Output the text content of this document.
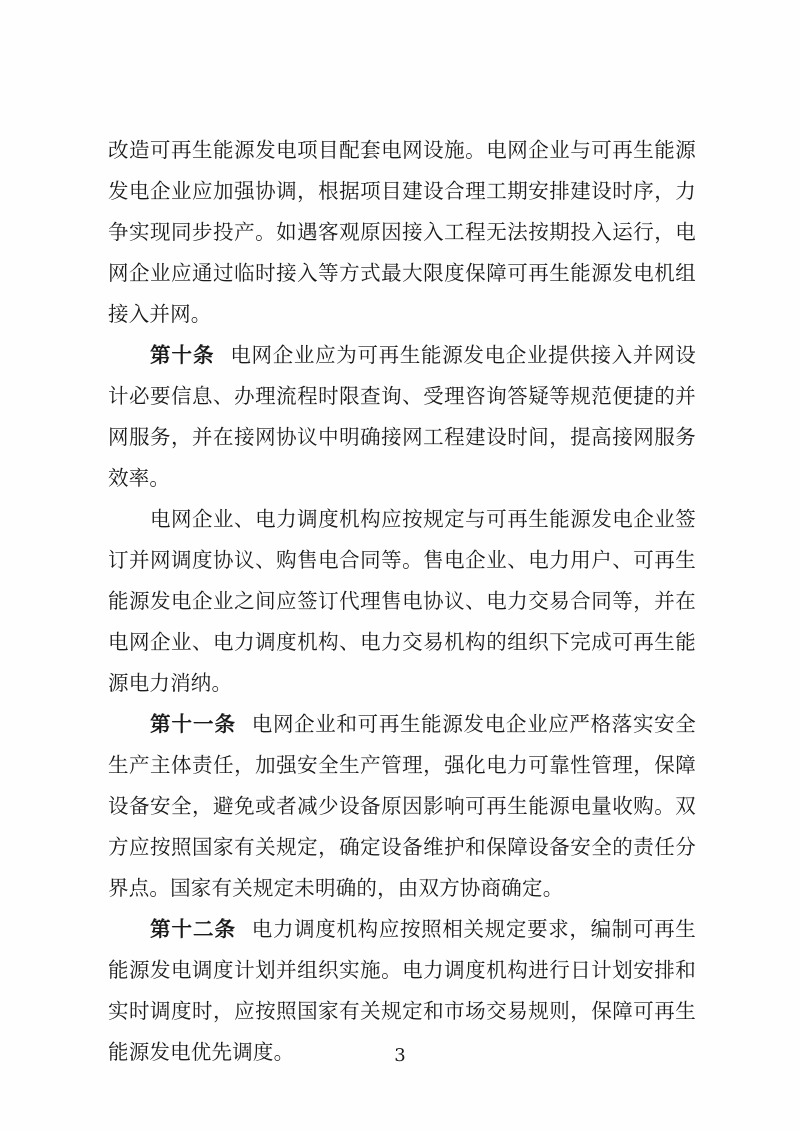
改造可再生能源发电项目配套电网设施。电网企业与可再生能源发电企业应加强协调，根据项目建设合理工期安排建设时序，力争实现同步投产。如遇客观原因接入工程无法按期投入运行，电网企业应通过临时接入等方式最大限度保障可再生能源发电机组接入并网。

第十条 电网企业应为可再生能源发电企业提供接入并网设计必要信息、办理流程时限查询、受理咨询答疑等规范便捷的并网服务，并在接网协议中明确接网工程建设时间，提高接网服务效率。

电网企业、电力调度机构应按规定与可再生能源发电企业签订并网调度协议、购售电合同等。售电企业、电力用户、可再生能源发电企业之间应签订代理售电协议、电力交易合同等，并在电网企业、电力调度机构、电力交易机构的组织下完成可再生能源电力消纳。

第十一条 电网企业和可再生能源发电企业应严格落实安全生产主体责任，加强安全生产管理，强化电力可靠性管理，保障设备安全，避免或者减少设备原因影响可再生能源电量收购。双方应按照国家有关规定，确定设备维护和保障设备安全的责任分界点。国家有关规定未明确的，由双方协商确定。

第十二条 电力调度机构应按照相关规定要求，编制可再生能源发电调度计划并组织实施。电力调度机构进行日计划安排和实时调度时，应按照国家有关规定和市场交易规则，保障可再生能源发电优先调度。	3
